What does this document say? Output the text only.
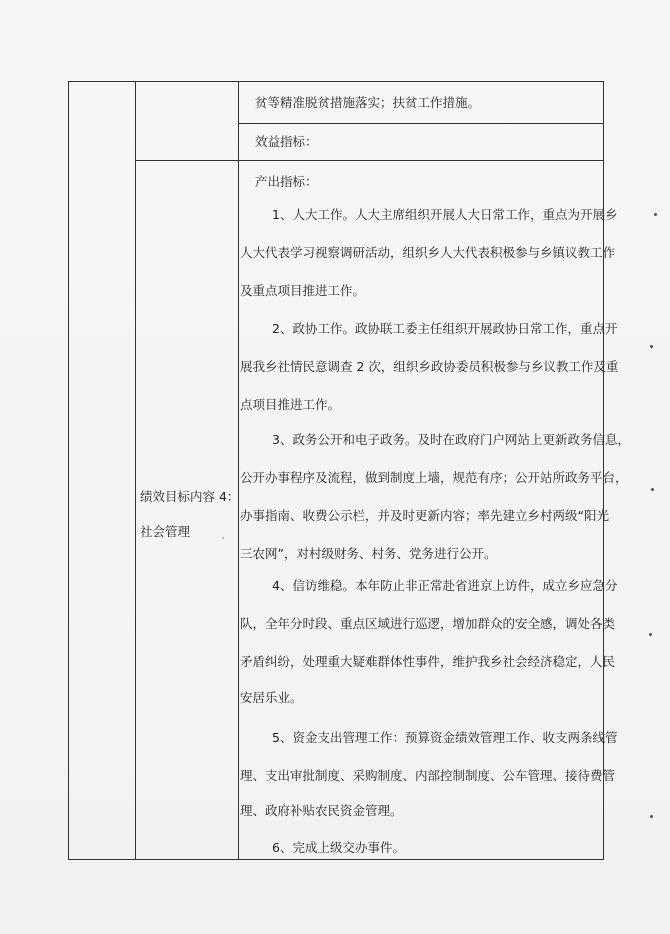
贫等精准脱贫措施落实；扶贫工作措施。
效益指标：
绩效目标内容 4：
社会管理
产出指标：
1、人大工作。人大主席组织开展人大日常工作，重点为开展乡
人大代表学习视察调研活动，组织乡人大代表积极参与乡镇议教工作
及重点项目推进工作。
2、政协工作。政协联工委主任组织开展政协日常工作，重点开
展我乡社情民意调查 2 次，组织乡政协委员积极参与乡议教工作及重
点项目推进工作。
3、政务公开和电子政务。及时在政府门户网站上更新政务信息，
公开办事程序及流程，做到制度上墙，规范有序；公开站所政务平台，
办事指南、收费公示栏，并及时更新内容；率先建立乡村两级“阳光
三农网”，对村级财务、村务、党务进行公开。
4、信访维稳。本年防止非正常赴省进京上访件，成立乡应急分
队，全年分时段、重点区域进行巡逻，增加群众的安全感，调处各类
矛盾纠纷，处理重大疑难群体性事件，维护我乡社会经济稳定，人民
安居乐业。
5、资金支出管理工作：预算资金绩效管理工作、收支两条线管
理、支出审批制度、采购制度、内部控制制度、公车管理、接待费管
理、政府补贴农民资金管理。
6、完成上级交办事件。
